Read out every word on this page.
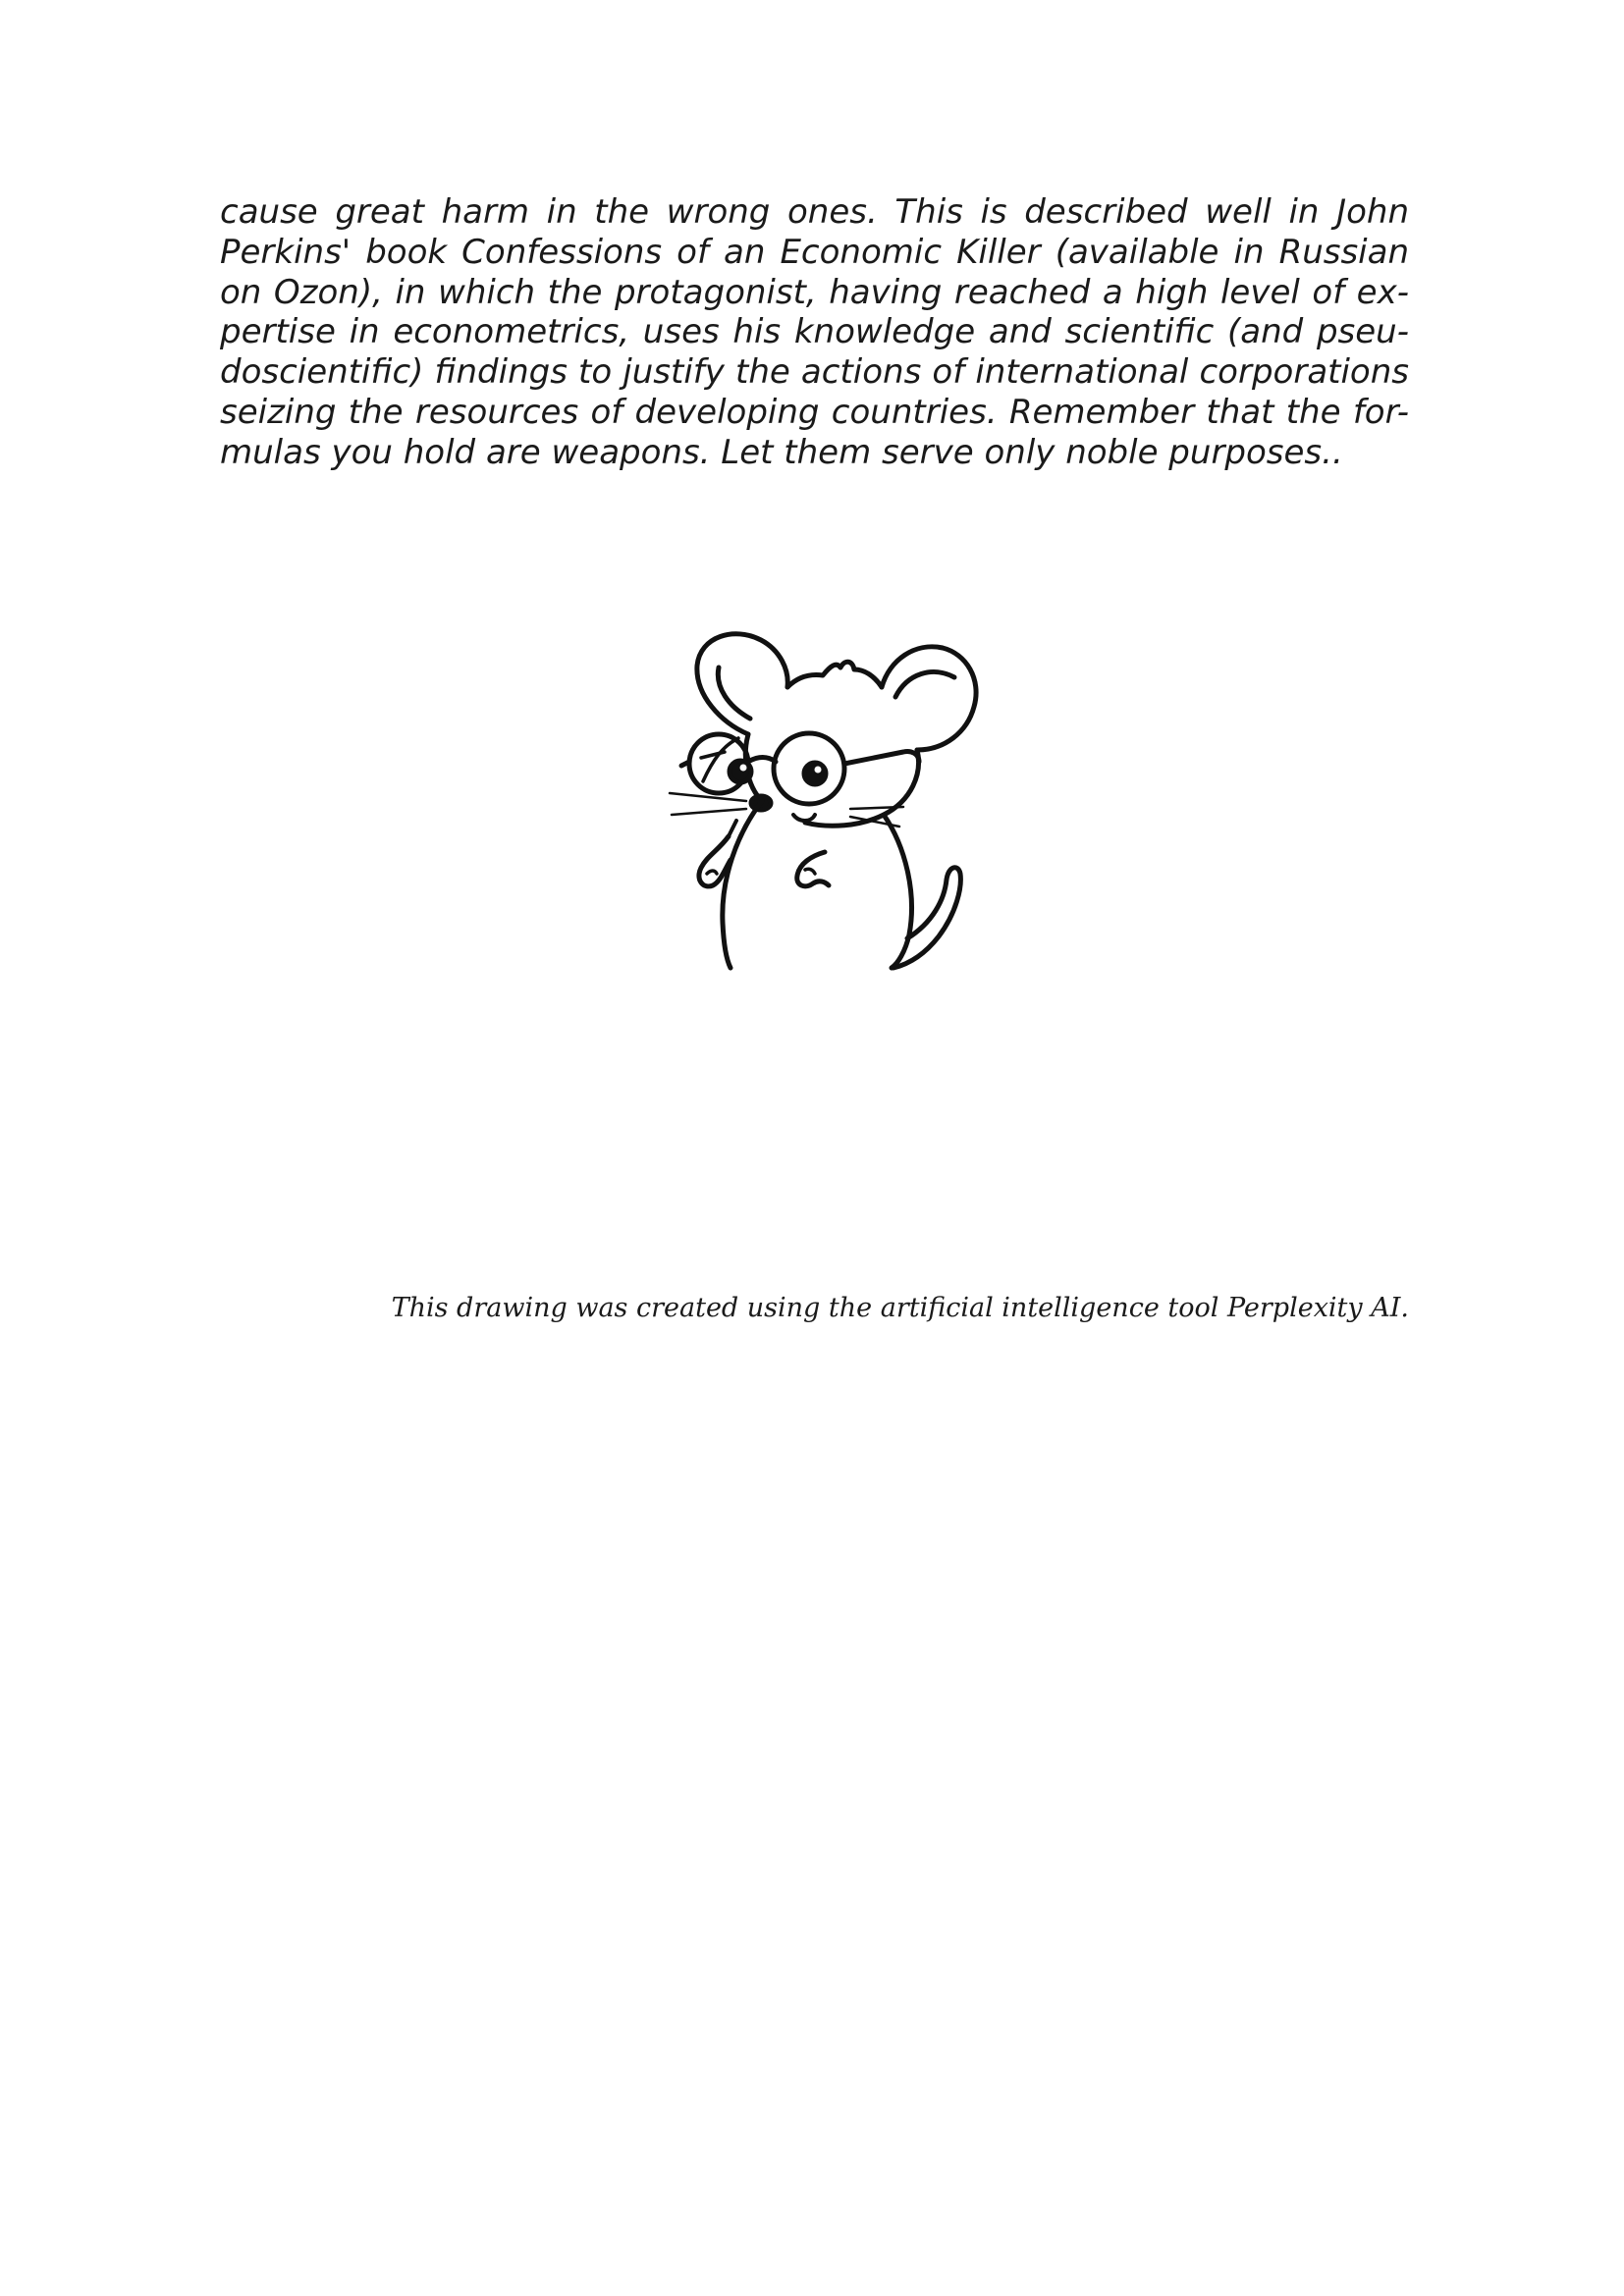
cause great harm in the wrong ones. This is described well in John
Perkins' book Confessions of an Economic Killer (available in Russian
on Ozon), in which the protagonist, having reached a high level of ex-
pertise in econometrics, uses his knowledge and scientific (and pseu-
doscientific) findings to justify the actions of international corporations
seizing the resources of developing countries. Remember that the for-
mulas you hold are weapons. Let them serve only noble purposes..

This drawing was created using the artificial intelligence tool Perplexity AI.
